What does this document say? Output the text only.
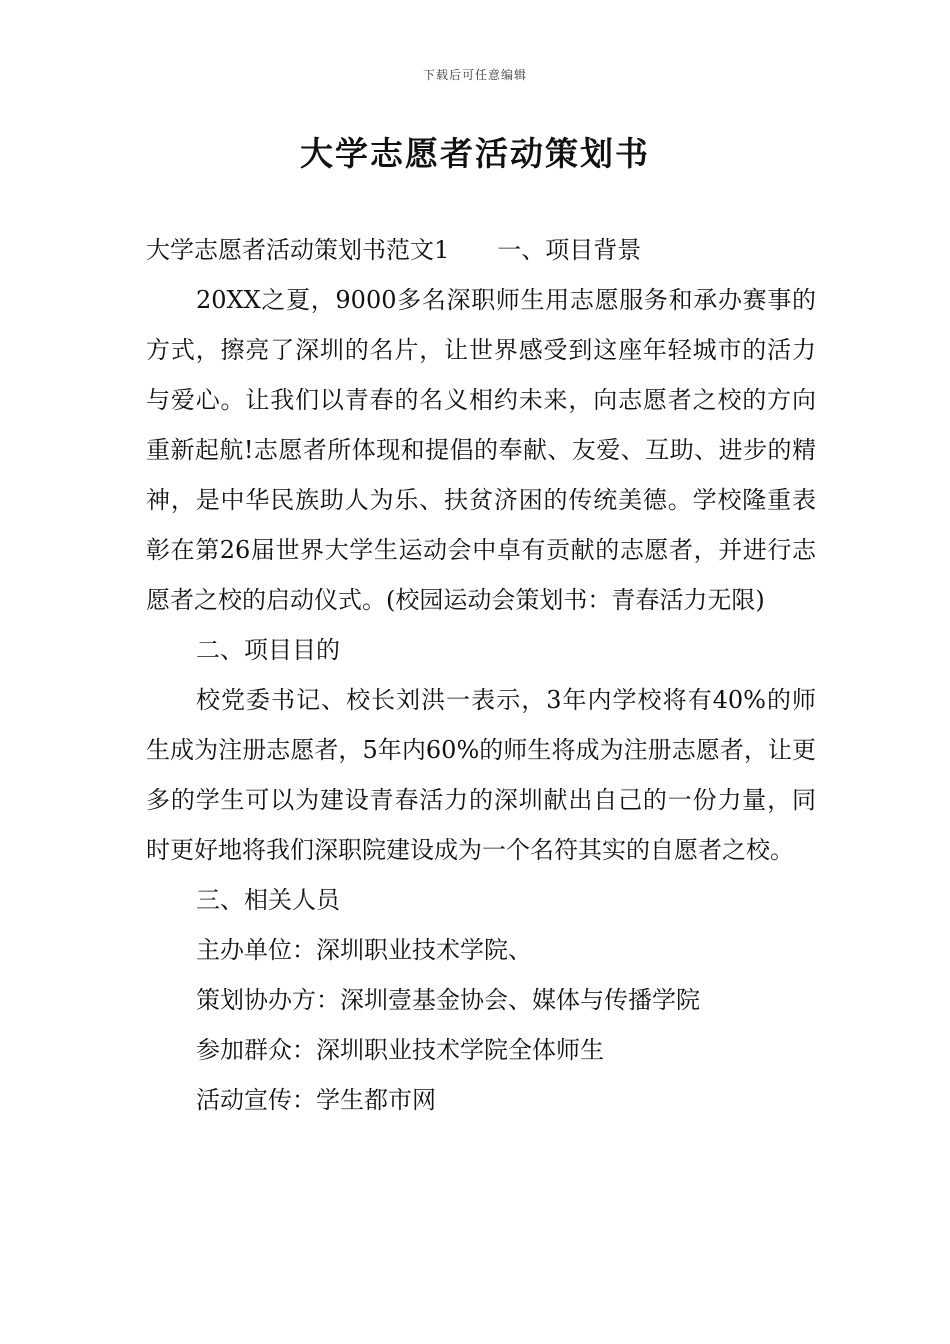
下载后可任意编辑
大学志愿者活动策划书

大学志愿者活动策划书范文1 一、项目背景

20XX之夏，9000多名深职师生用志愿服务和承办赛事的方式，擦亮了深圳的名片，让世界感受到这座年轻城市的活力与爱心。让我们以青春的名义相约未来，向志愿者之校的方向重新起航!志愿者所体现和提倡的奉献、友爱、互助、进步的精神，是中华民族助人为乐、扶贫济困的传统美德。学校隆重表彰在第26届世界大学生运动会中卓有贡献的志愿者，并进行志愿者之校的启动仪式。(校园运动会策划书：青春活力无限)

二、项目目的

校党委书记、校长刘洪一表示，3年内学校将有40%的师生成为注册志愿者，5年内60%的师生将成为注册志愿者，让更多的学生可以为建设青春活力的深圳献出自己的一份力量，同时更好地将我们深职院建设成为一个名符其实的自愿者之校。

三、相关人员

主办单位：深圳职业技术学院、

策划协办方：深圳壹基金协会、媒体与传播学院

参加群众：深圳职业技术学院全体师生

活动宣传：学生都市网
